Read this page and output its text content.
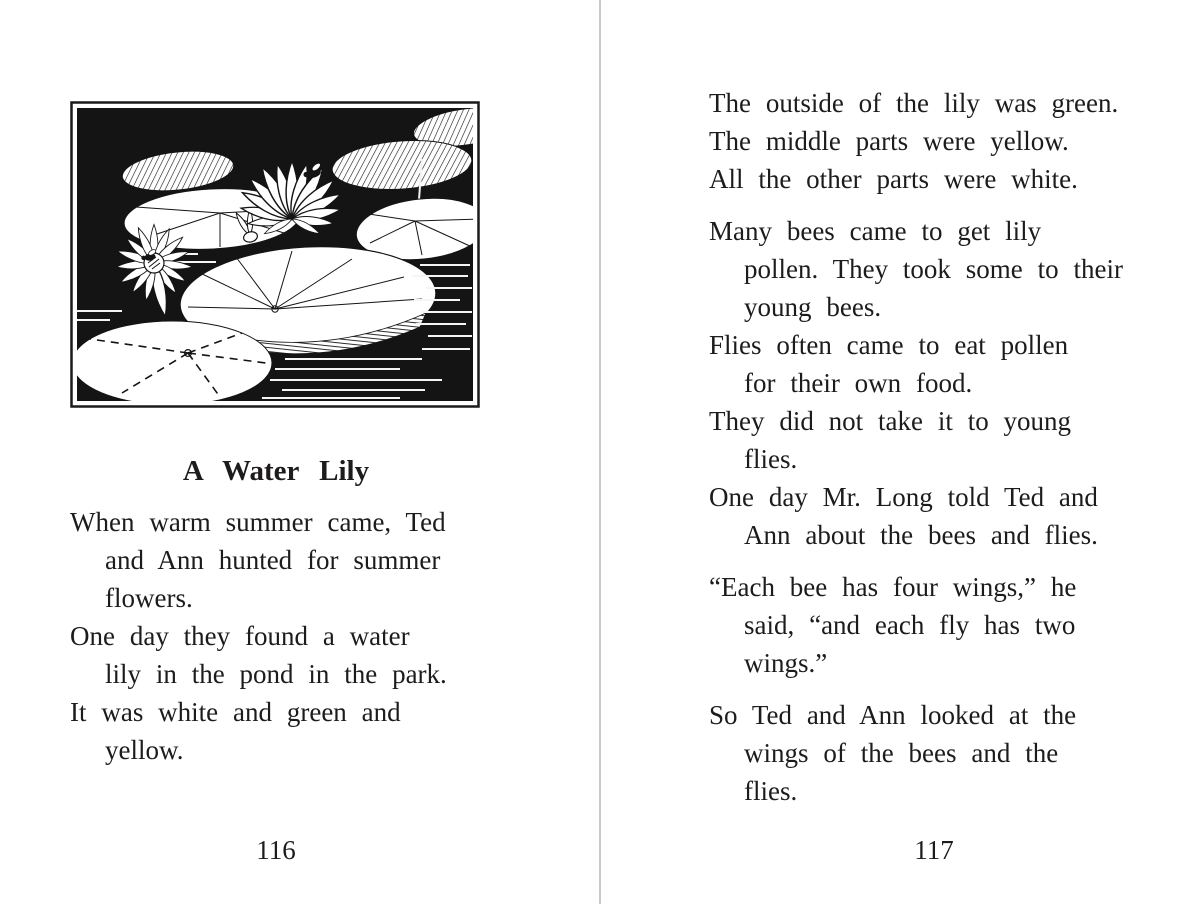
A Water Lily
When warm summer came, Ted
and Ann hunted for summer
flowers.
One day they found a water
lily in the pond in the park.
It was white and green and
yellow.
116
The outside of the lily was green.
The middle parts were yellow.
All the other parts were white.
Many bees came to get lily
pollen. They took some to their
young bees.
Flies often came to eat pollen
for their own food.
They did not take it to young
flies.
One day Mr. Long told Ted and
Ann about the bees and flies.
“Each bee has four wings,” he
said, “and each fly has two
wings.”
So Ted and Ann looked at the
wings of the bees and the
flies.
117
